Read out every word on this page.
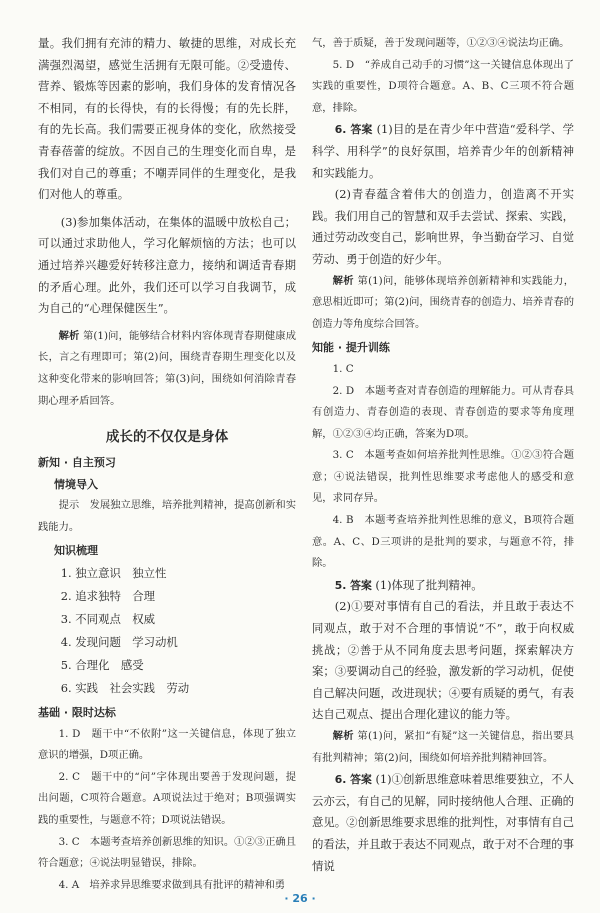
量。我们拥有充沛的精力、敏捷的思维，对成长充满强烈渴望，感觉生活拥有无限可能。②受遗传、营养、锻炼等因素的影响，我们身体的发育情况各不相同，有的长得快，有的长得慢；有的先长胖，有的先长高。我们需要正视身体的变化，欣然接受青春蓓蕾的绽放。不因自己的生理变化而自卑，是我们对自己的尊重；不嘲弄同伴的生理变化，是我们对他人的尊重。

(3)参加集体活动，在集体的温暖中放松自己；可以通过求助他人，学习化解烦恼的方法；也可以通过培养兴趣爱好转移注意力，接纳和调适青春期的矛盾心理。此外，我们还可以学习自我调节，成为自己的“心理保健医生”。

解析 第(1)问，能够结合材料内容体现青春期健康成长，言之有理即可；第(2)问，围绕青春期生理变化以及这种变化带来的影响回答；第(3)问，围绕如何消除青春期心理矛盾回答。

成长的不仅仅是身体

新知 · 自主预习

情境导入

提示　发展独立思维，培养批判精神，提高创新和实践能力。

知识梳理

1. 独立意识　独立性

2. 追求独特　合理

3. 不同观点　权威

4. 发现问题　学习动机

5. 合理化　感受

6. 实践　社会实践　劳动

基础 · 限时达标

1. D　题干中“不依附”这一关键信息，体现了独立意识的增强，D项正确。

2. C　题干中的“问”字体现出要善于发现问题，提出问题，C项符合题意。A项说法过于绝对；B项强调实践的重要性，与题意不符；D项说法错误。

3. C　本题考查培养创新思维的知识。①②③正确且符合题意；④说法明显错误，排除。

4. A　培养求异思维要求做到具有批评的精神和勇

气，善于质疑，善于发现问题等，①②③④说法均正确。

5. D　“养成自己动手的习惯”这一关键信息体现出了实践的重要性，D项符合题意。A、B、C三项不符合题意，排除。

6. 答案 (1)目的是在青少年中营造“爱科学、学科学、用科学”的良好氛围，培养青少年的创新精神和实践能力。

(2)青春蕴含着伟大的创造力，创造离不开实践。我们用自己的智慧和双手去尝试、探索、实践，通过劳动改变自己，影响世界，争当勤奋学习、自觉劳动、勇于创造的好少年。

解析 第(1)问，能够体现培养创新精神和实践能力，意思相近即可；第(2)问，围绕青春的创造力、培养青春的创造力等角度综合回答。

知能 · 提升训练

1. C

2. D　本题考查对青春创造的理解能力。可从青春具有创造力、青春创造的表现、青春创造的要求等角度理解，①②③④均正确，答案为D项。

3. C　本题考查如何培养批判性思维。①②③符合题意；④说法错误，批判性思维要求考虑他人的感受和意见，求同存异。

4. B　本题考查培养批判性思维的意义，B项符合题意。A、C、D三项讲的是批判的要求，与题意不符，排除。

5. 答案 (1)体现了批判精神。

(2)①要对事情有自己的看法，并且敢于表达不同观点，敢于对不合理的事情说“不”，敢于向权威挑战；②善于从不同角度去思考问题，探索解决方案；③要调动自己的经验，激发新的学习动机，促使自己解决问题，改进现状；④要有质疑的勇气，有表达自己观点、提出合理化建议的能力等。

解析 第(1)问，紧扣“有疑”这一关键信息，指出要具有批判精神；第(2)问，围绕如何培养批判精神回答。

6. 答案 (1)①创新思维意味着思维要独立，不人云亦云，有自己的见解，同时接纳他人合理、正确的意见。②创新思维要求思维的批判性，对事情有自己的看法，并且敢于表达不同观点，敢于对不合理的事情说

· 26 ·
